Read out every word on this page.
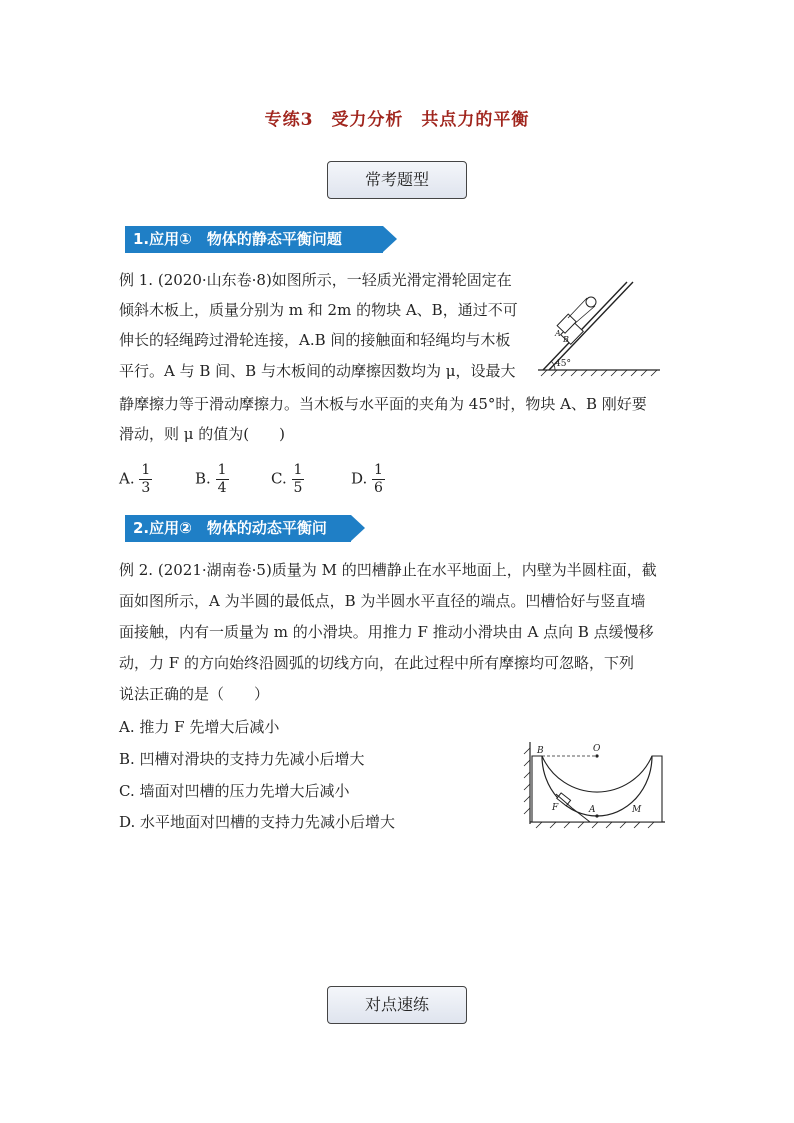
专练3　受力分析　共点力的平衡
常考题型
1.应用①　物体的静态平衡问题
例 1. (2020·山东卷·8)如图所示，一轻质光滑定滑轮固定在
倾斜木板上，质量分别为 m 和 2m 的物块 A、B，通过不可
伸长的轻绳跨过滑轮连接，A.B 间的接触面和轻绳均与木板
平行。A 与 B 间、B 与木板间的动摩擦因数均为 μ，设最大
静摩擦力等于滑动摩擦力。当木板与水平面的夹角为 45°时，物块 A、B 刚好要
滑动，则 μ 的值为(　　)
45°
A
B
A. $\frac{1}{3}$	B. $\frac{1}{4}$	C. $\frac{1}{5}$	D. $\frac{1}{6}$
2.应用②　物体的动态平衡问
例 2. (2021·湖南卷·5)质量为 M 的凹槽静止在水平地面上，内壁为半圆柱面，截
面如图所示，A 为半圆的最低点，B 为半圆水平直径的端点。凹槽恰好与竖直墙
面接触，内有一质量为 m 的小滑块。用推力 F 推动小滑块由 A 点向 B 点缓慢移
动，力 F 的方向始终沿圆弧的切线方向，在此过程中所有摩擦均可忽略，下列
说法正确的是（　　）
A. 推力 F 先增大后减小
B. 凹槽对滑块的支持力先减小后增大
C. 墙面对凹槽的压力先增大后减小
D. 水平地面对凹槽的支持力先减小后增大
B	O
F	A	M
对点速练
